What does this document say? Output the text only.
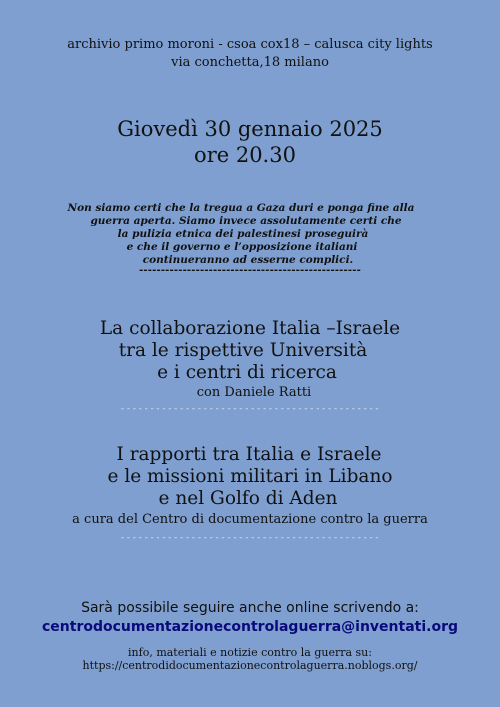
archivio primo moroni - csoa cox18 – calusca city lights
via conchetta,18 milano
Giovedì 30 gennaio 2025

ore 20.30
Non siamo certi che la tregua a Gaza duri e ponga fine alla
guerra aperta. Siamo invece assolutamente certi che
la pulizia etnica dei palestinesi proseguirà
e che il governo e l’opposizione italiani
continueranno ad esserne complici.
---------------------------------------------------
La collaborazione Italia –Israele
tra le rispettive Università
e i centri di ricerca
con Daniele Ratti
--------------------------------------------
I rapporti tra Italia e Israele
e le missioni militari in Libano
e nel Golfo di Aden
a cura del Centro di documentazione contro la guerra
--------------------------------------------
Sarà possibile seguire anche online scrivendo a:
centrodocumentazionecontrolaguerra@inventati.org
info, materiali e notizie contro la guerra su:
https://centrodidocumentazionecontrolaguerra.noblogs.org/
